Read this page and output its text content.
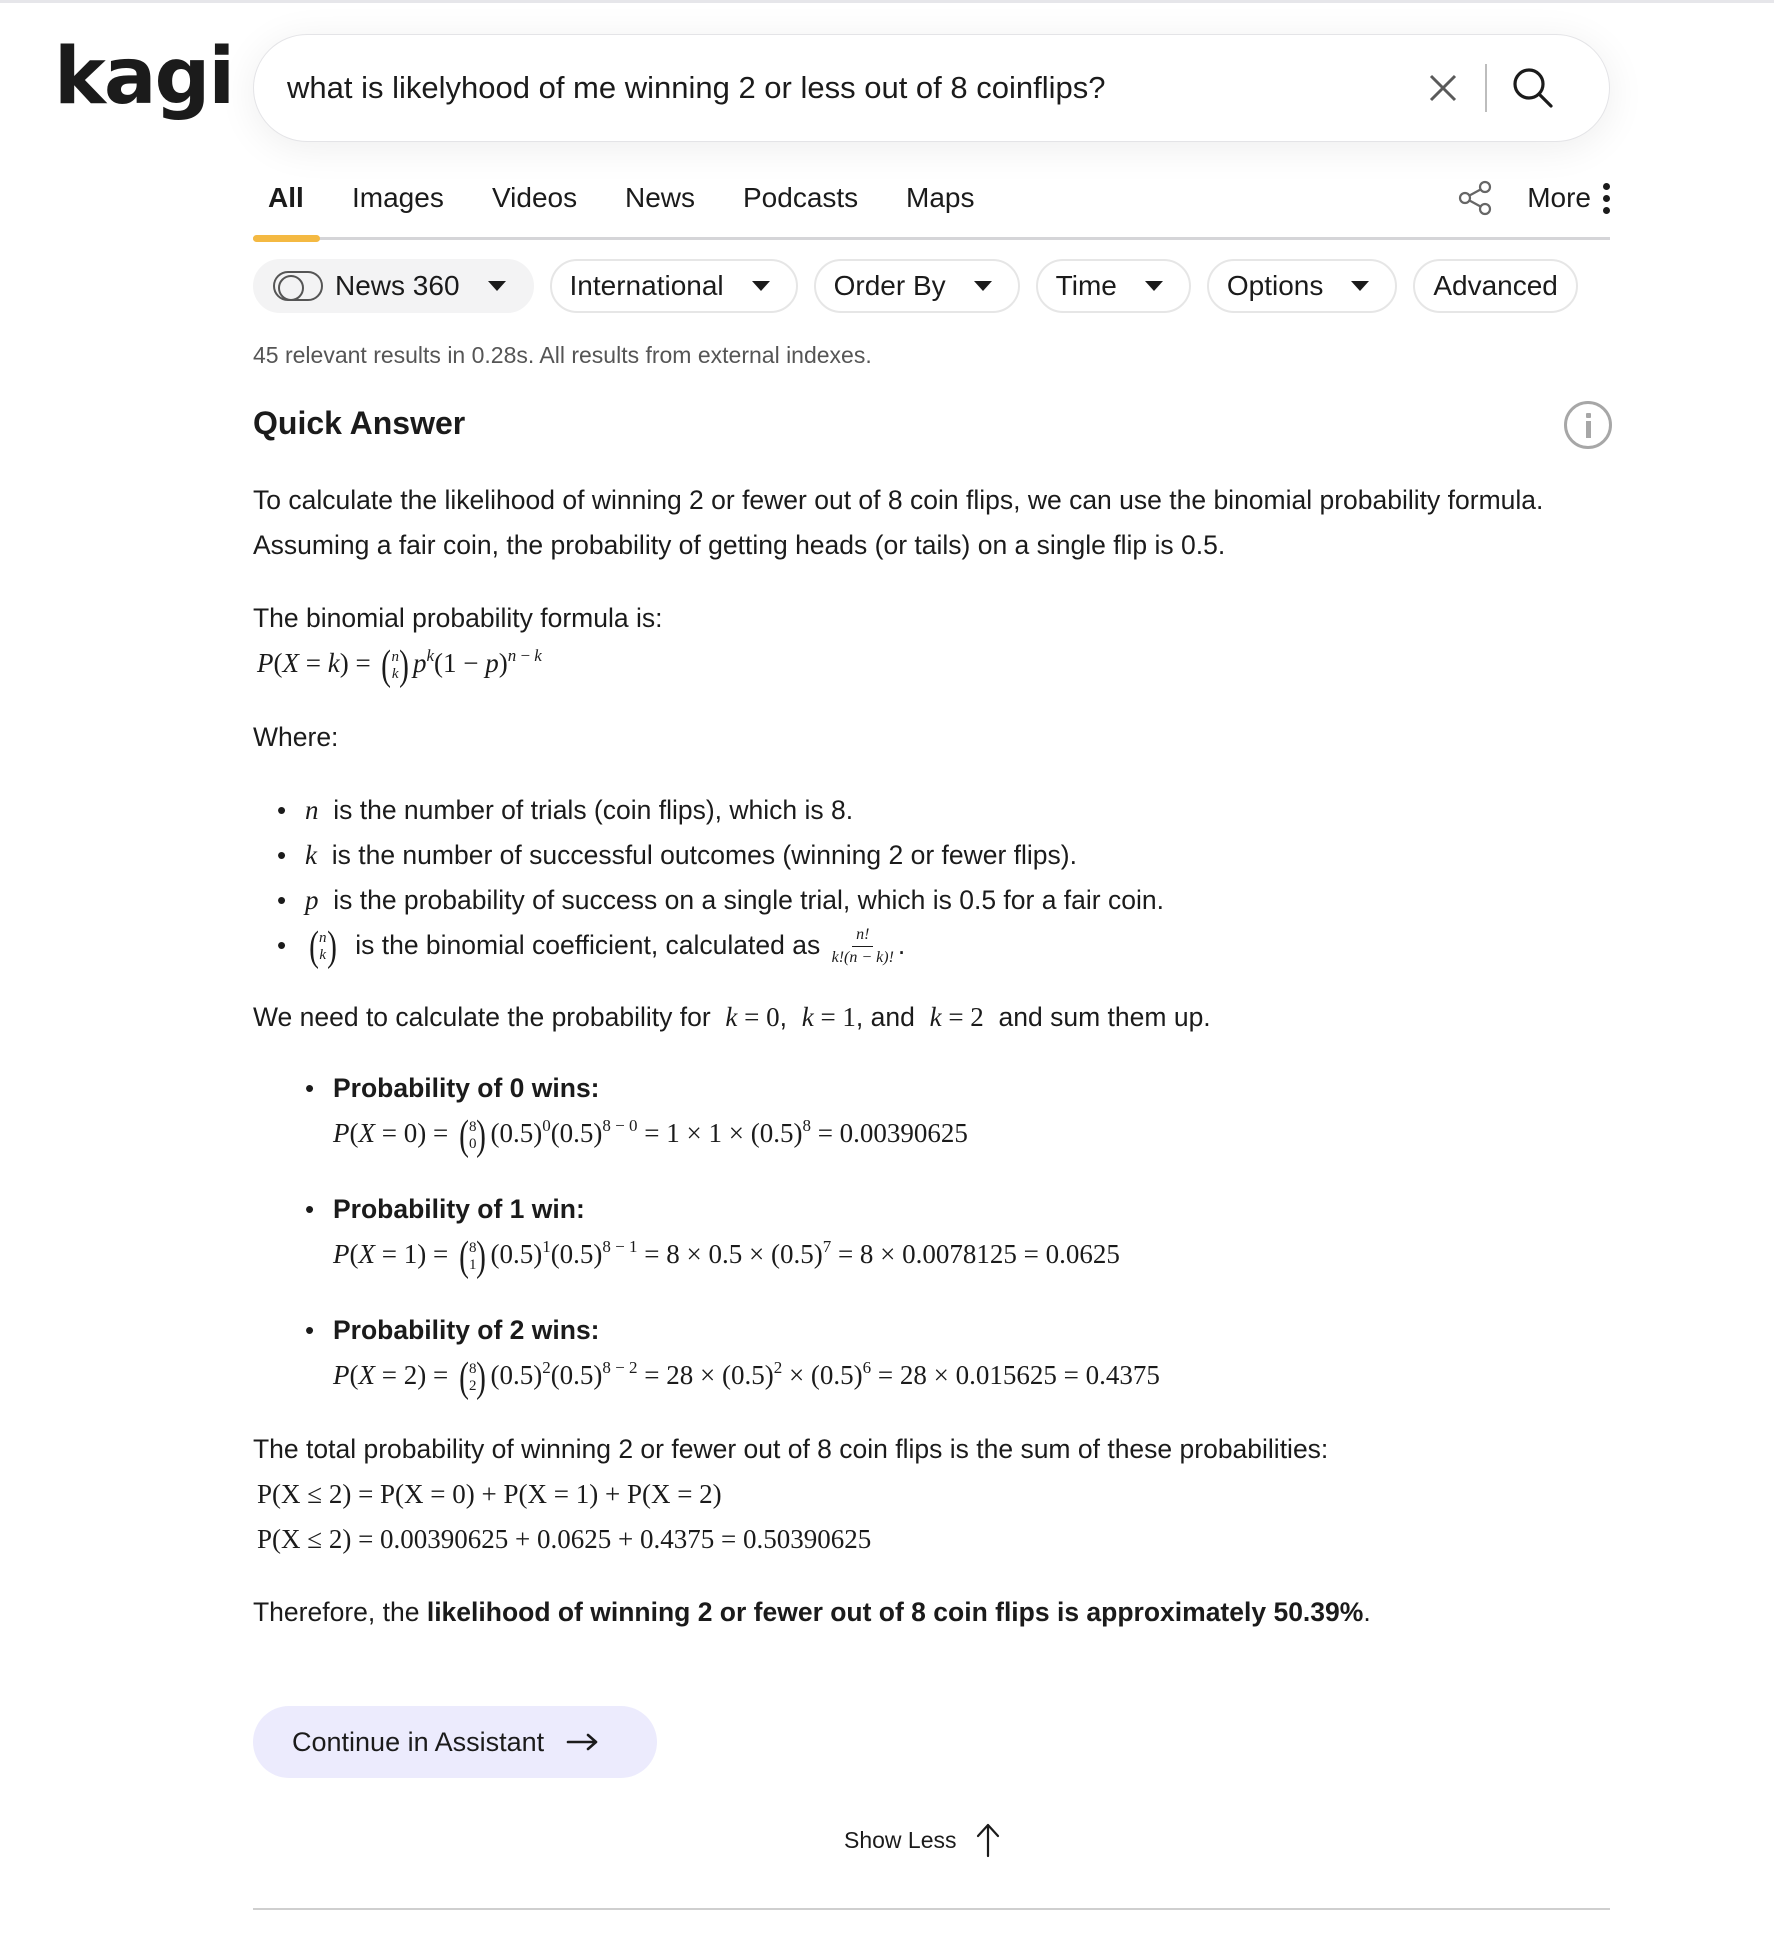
kagi
what is likelyhood of me winning 2 or less out of 8 coinflips?
All Images Videos News Podcasts Maps	More
News 360	International	Order By	Time	Options	Advanced
45 relevant results in 0.28s. All results from external indexes.
Quick Answer

To calculate the likelihood of winning 2 or fewer out of 8 coin flips, we can use the binomial probability formula. Assuming a fair coin, the probability of getting heads (or tails) on a single flip is 0.5.

The binomial probability formula is:

P(X = k) = ( n
k ) $p^k(1 - p)^{n - k}$

Where:

• n is the number of trials (coin flips), which is 8.
• k is the number of successful outcomes (winning 2 or fewer flips).
• p is the probability of success on a single trial, which is 0.5 for a fair coin.
• ( n
k ) is the binomial coefficient, calculated as $\frac{n!}{k!(n - k)!}$ .

We need to calculate the probability for k = 0,  k = 1, and  k = 2 and sum them up.

• Probability of 0 wins:
P(X = 0) = ( 8
0 ) $(0.5)^0(0.5)^{8 - 0} = 1 \times 1 \times (0.5)^8 = 0.00390625$
• Probability of 1 win:
P(X = 1) = ( 8
1 ) $(0.5)^1(0.5)^{8 - 1} = 8 \times 0.5 \times (0.5)^7 = 8 \times 0.0078125 = 0.0625$
• Probability of 2 wins:
P(X = 2) = ( 8
2 ) $(0.5)^2(0.5)^{8 - 2} = 28 \times (0.5)^2 \times (0.5)^6 = 28 \times 0.015625 = 0.4375$

The total probability of winning 2 or fewer out of 8 coin flips is the sum of these probabilities:

P(X ≤ 2) = P(X = 0) + P(X = 1) + P(X = 2)

P(X ≤ 2) = 0.00390625 + 0.0625 + 0.4375 = 0.50390625

Therefore, the likelihood of winning 2 or fewer out of 8 coin flips is approximately 50.39%.

Continue in Assistant
Show Less
